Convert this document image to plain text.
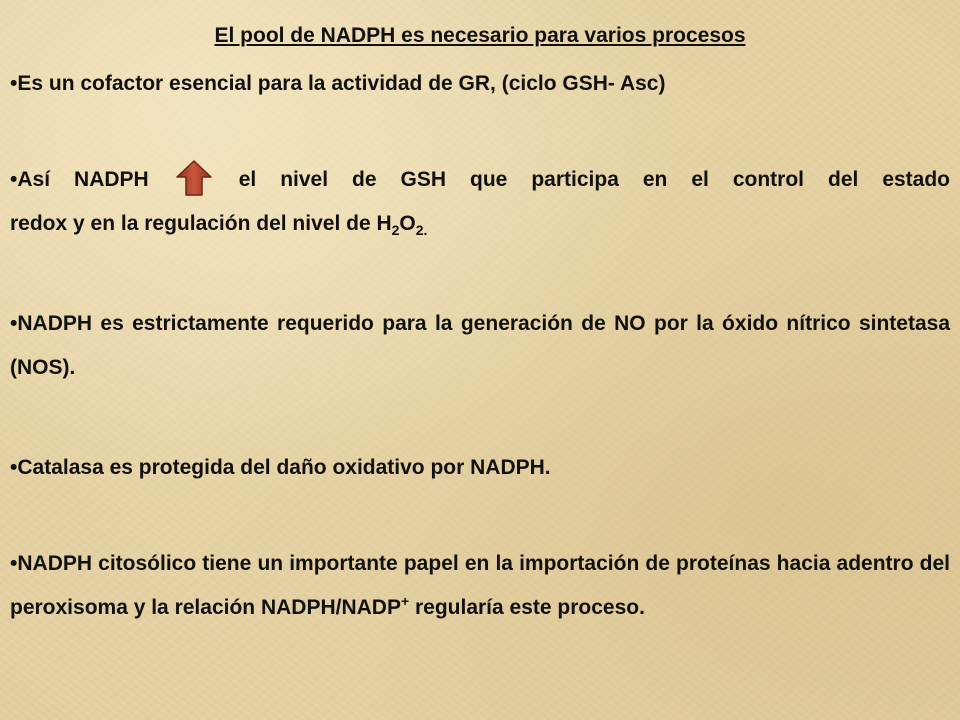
El pool de NADPH es necesario para varios procesos
•Es un cofactor esencial para la actividad de GR, (ciclo GSH- Asc)
•Así NADPH	el nivel de GSH que participa en el control del estado
redox y en la regulación del nivel de $H_2O_{2.}$
•NADPH es estrictamente requerido para la generación de NO por la óxido nítrico sintetasa (NOS).
•Catalasa es protegida del daño oxidativo por NADPH.
•NADPH citosólico tiene un importante papel en la importación de proteínas hacia adentro del peroxisoma y la relación NADPH/NADP+ regularía este proceso.
